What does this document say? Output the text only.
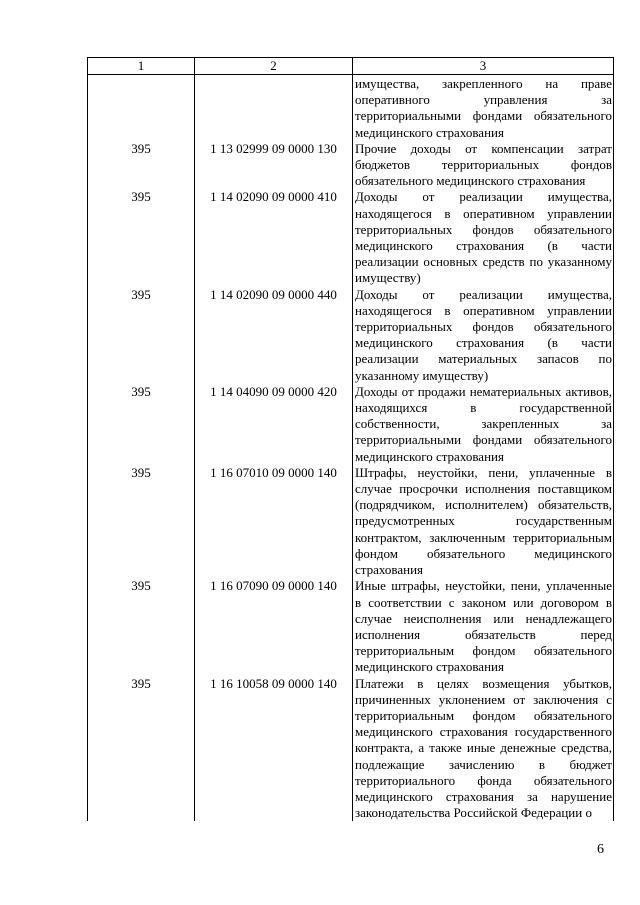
1	2	3
		имущества, закрепленного на праве оперативного управления за территориальными фондами обязательного медицинского страхования
395	1 13 02999 09 0000 130	Прочие доходы от компенсации затрат бюджетов территориальных фондов обязательного медицинского страхования
395	1 14 02090 09 0000 410	Доходы от реализации имущества, находящегося в оперативном управлении территориальных фондов обязательного медицинского страхования (в части реализации основных средств по указанному имуществу)
395	1 14 02090 09 0000 440	Доходы от реализации имущества, находящегося в оперативном управлении территориальных фондов обязательного медицинского страхования (в части реализации материальных запасов по указанному имуществу)
395	1 14 04090 09 0000 420	Доходы от продажи нематериальных активов, находящихся в государственной собственности, закрепленных за территориальными фондами обязательного медицинского страхования
395	1 16 07010 09 0000 140	Штрафы, неустойки, пени, уплаченные в случае просрочки исполнения поставщиком (подрядчиком, исполнителем) обязательств, предусмотренных государственным контрактом, заключенным территориальным фондом обязательного медицинского страхования
395	1 16 07090 09 0000 140	Иные штрафы, неустойки, пени, уплаченные в соответствии с законом или договором в случае неисполнения или ненадлежащего исполнения обязательств перед территориальным фондом обязательного медицинского страхования
395	1 16 10058 09 0000 140	Платежи в целях возмещения убытков, причиненных уклонением от заключения с территориальным фондом обязательного медицинского страхования государственного контракта, а также иные денежные средства, подлежащие зачислению в бюджет территориального фонда обязательного медицинского страхования за нарушение законодательства Российской Федерации о
6
